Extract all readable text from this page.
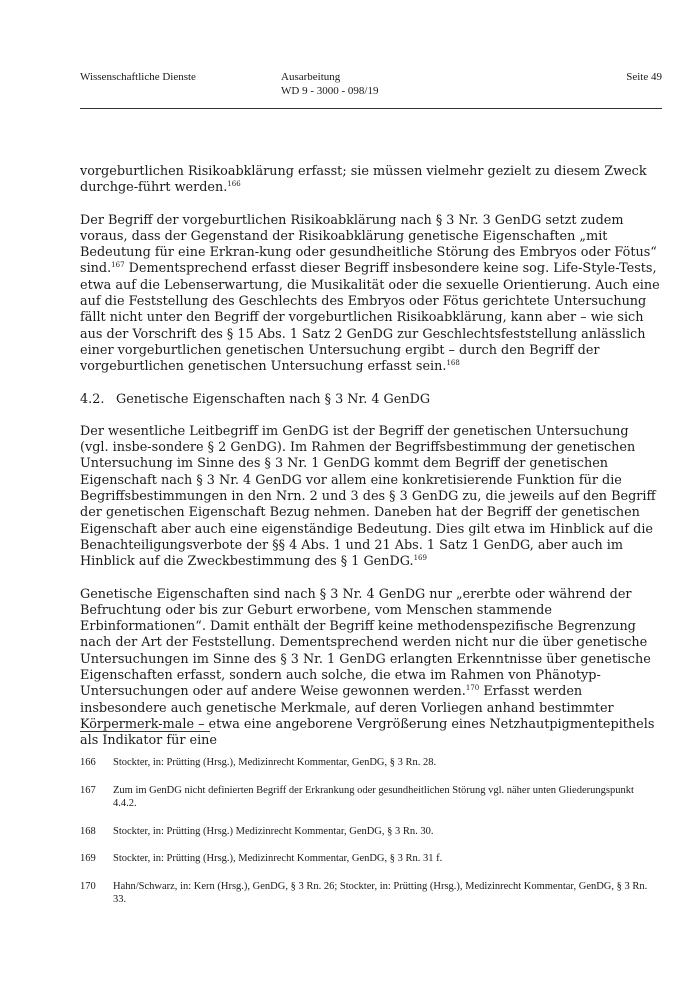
Wissenschaftliche Dienste	Ausarbeitung
WD 9 - 3000 - 098/19
Seite 49

vorgeburtlichen Risikoabklärung erfasst; sie müssen vielmehr gezielt zu diesem Zweck durchge-führt werden.$^{166}$

Der Begriff der vorgeburtlichen Risikoabklärung nach § 3 Nr. 3 GenDG setzt zudem voraus, dass der Gegenstand der Risikoabklärung genetische Eigenschaften „mit Bedeutung für eine Erkran-kung oder gesundheitliche Störung des Embryos oder Fötus“ sind.$^{167}$ Dementsprechend erfasst dieser Begriff insbesondere keine sog. Life-Style-Tests, etwa auf die Lebenserwartung, die Musikalität oder die sexuelle Orientierung. Auch eine auf die Feststellung des Geschlechts des Embryos oder Fötus gerichtete Untersuchung fällt nicht unter den Begriff der vorgeburtlichen Risikoabklärung, kann aber – wie sich aus der Vorschrift des § 15 Abs. 1 Satz 2 GenDG zur Geschlechtsfeststellung anlässlich einer vorgeburtlichen genetischen Untersuchung ergibt – durch den Begriff der vorgeburtlichen genetischen Untersuchung erfasst sein.$^{168}$

4.2. Genetische Eigenschaften nach § 3 Nr. 4 GenDG

Der wesentliche Leitbegriff im GenDG ist der Begriff der genetischen Untersuchung (vgl. insbe-sondere § 2 GenDG). Im Rahmen der Begriffsbestimmung der genetischen Untersuchung im Sinne des § 3 Nr. 1 GenDG kommt dem Begriff der genetischen Eigenschaft nach § 3 Nr. 4 GenDG vor allem eine konkretisierende Funktion für die Begriffsbestimmungen in den Nrn. 2 und 3 des § 3 GenDG zu, die jeweils auf den Begriff der genetischen Eigenschaft Bezug nehmen. Daneben hat der Begriff der genetischen Eigenschaft aber auch eine eigenständige Bedeutung. Dies gilt etwa im Hinblick auf die Benachteiligungsverbote der §§ 4 Abs. 1 und 21 Abs. 1 Satz 1 GenDG, aber auch im Hinblick auf die Zweckbestimmung des § 1 GenDG.$^{169}$

Genetische Eigenschaften sind nach § 3 Nr. 4 GenDG nur „ererbte oder während der Befruchtung oder bis zur Geburt erworbene, vom Menschen stammende Erbinformationen“. Damit enthält der Begriff keine methodenspezifische Begrenzung nach der Art der Feststellung. Dementsprechend werden nicht nur die über genetische Untersuchungen im Sinne des § 3 Nr. 1 GenDG erlangten Erkenntnisse über genetische Eigenschaften erfasst, sondern auch solche, die etwa im Rahmen von Phänotyp-Untersuchungen oder auf andere Weise gewonnen werden.$^{170}$ Erfasst werden insbesondere auch genetische Merkmale, auf deren Vorliegen anhand bestimmter Körpermerk-male – etwa eine angeborene Vergrößerung eines Netzhautpigmentepithels als Indikator für eine

166	Stockter, in: Prütting (Hrsg.), Medizinrecht Kommentar, GenDG, § 3 Rn. 28.
167	Zum im GenDG nicht definierten Begriff der Erkrankung oder gesundheitlichen Störung vgl. näher unten Gliederungspunkt 4.4.2.
168	Stockter, in: Prütting (Hrsg.) Medizinrecht Kommentar, GenDG, § 3 Rn. 30.
169	Stockter, in: Prütting (Hrsg.), Medizinrecht Kommentar, GenDG, § 3 Rn. 31 f.
170	Hahn/Schwarz, in: Kern (Hrsg.), GenDG, § 3 Rn. 26; Stockter, in: Prütting (Hrsg.), Medizinrecht Kommentar, GenDG, § 3 Rn. 33.
